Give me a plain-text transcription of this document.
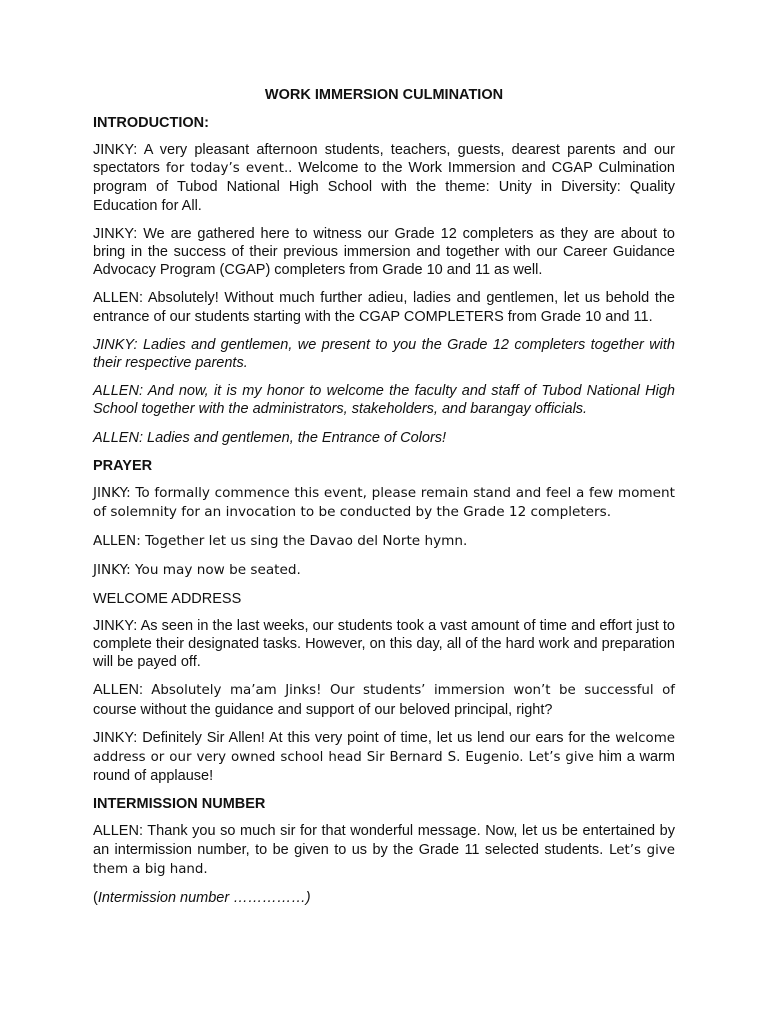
WORK IMMERSION CULMINATION
INTRODUCTION:

JINKY: A very pleasant afternoon students, teachers, guests, dearest parents and our spectators for today’s event.. Welcome to the Work Immersion and CGAP Culmination program of Tubod National High School with the theme: Unity in Diversity: Quality Education for All.

JINKY: We are gathered here to witness our Grade 12 completers as they are about to bring in the success of their previous immersion and together with our Career Guidance Advocacy Program (CGAP) completers from Grade 10 and 11 as well.

ALLEN: Absolutely! Without much further adieu, ladies and gentlemen, let us behold the entrance of our students starting with the CGAP COMPLETERS from Grade 10 and 11.

JINKY: Ladies and gentlemen, we present to you the Grade 12 completers together with their respective parents.

ALLEN: And now, it is my honor to welcome the faculty and staff of Tubod National High School together with the administrators, stakeholders, and barangay officials.

ALLEN: Ladies and gentlemen, the Entrance of Colors!

PRAYER

JINKY: To formally commence this event, please remain stand and feel a few moment of solemnity for an invocation to be conducted by the Grade 12 completers.

ALLEN: Together let us sing the Davao del Norte hymn.

JINKY: You may now be seated.

WELCOME ADDRESS

JINKY: As seen in the last weeks, our students took a vast amount of time and effort just to complete their designated tasks. However, on this day, all of the hard work and preparation will be payed off.

ALLEN: Absolutely ma’am Jinks! Our students’ immersion won’t be successful of course without the guidance and support of our beloved principal, right?

JINKY: Definitely Sir Allen! At this very point of time, let us lend our ears for the welcome address or our very owned school head Sir Bernard S. Eugenio. Let’s give him a warm round of applause!

INTERMISSION NUMBER

ALLEN: Thank you so much sir for that wonderful message. Now, let us be entertained by an intermission number, to be given to us by the Grade 11 selected students. Let’s give them a big hand.

(Intermission number ……………)
